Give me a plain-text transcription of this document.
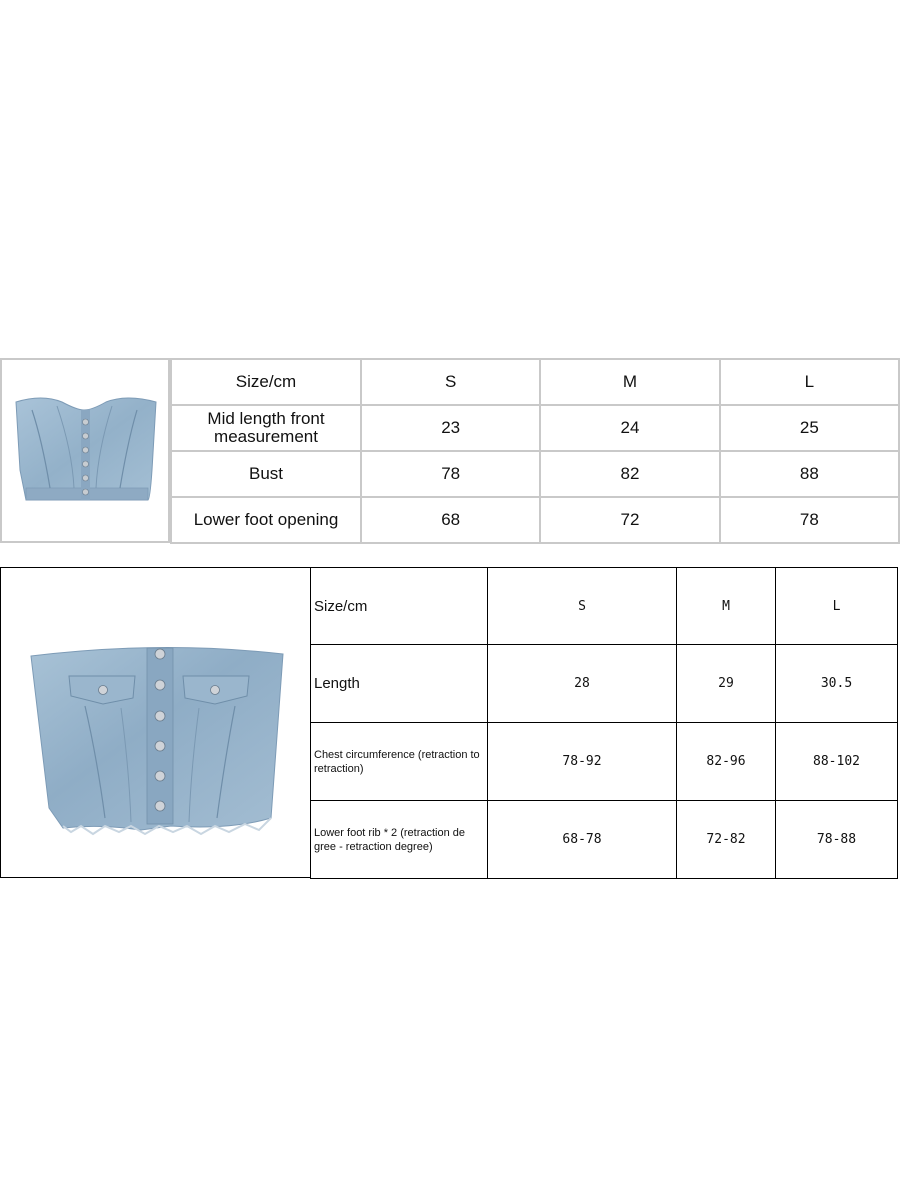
Size/cm	S	M	L
Mid length front measurement	23	24	25
Bust	78	82	88
Lower foot opening	68	72	78
Size/cm	S	M	L
Length	28	29	30.5
Chest circumference (retraction to retraction)	78-92	82-96	88-102
Lower foot rib * 2 (retraction de gree - retraction degree)	68-78	72-82	78-88
